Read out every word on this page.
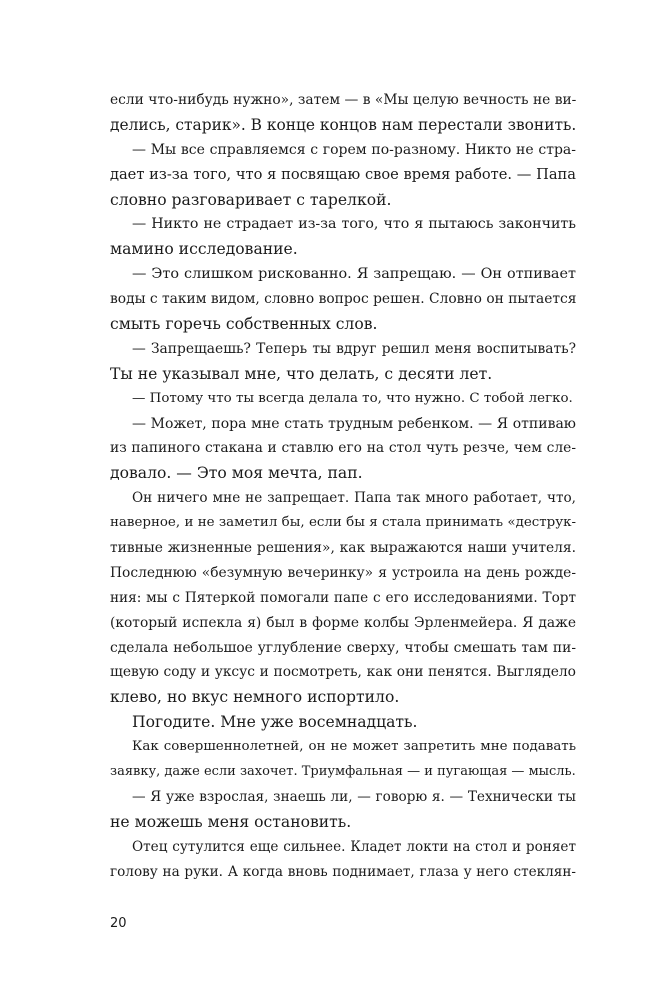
если что-нибудь нужно», затем — в «Мы целую вечность не ви-
делись, старик». В конце концов нам перестали звонить.
— Мы все справляемся с горем по-разному. Никто не стра-
дает из-за того, что я посвящаю свое время работе. — Папа
словно разговаривает с тарелкой.
— Никто не страдает из-за того, что я пытаюсь закончить
мамино исследование.
— Это слишком рискованно. Я запрещаю. — Он отпивает
воды с таким видом, словно вопрос решен. Словно он пытается
смыть горечь собственных слов.
— Запрещаешь? Теперь ты вдруг решил меня воспитывать?
Ты не указывал мне, что делать, с десяти лет.
— Потому что ты всегда делала то, что нужно. С тобой легко.
— Может, пора мне стать трудным ребенком. — Я отпиваю
из папиного стакана и ставлю его на стол чуть резче, чем сле-
довало. — Это моя мечта, пап.
Он ничего мне не запрещает. Папа так много работает, что,
наверное, и не заметил бы, если бы я стала принимать «деструк-
тивные жизненные решения», как выражаются наши учителя.
Последнюю «безумную вечеринку» я устроила на день рожде-
ния: мы с Пятеркой помогали папе с его исследованиями. Торт
(который испекла я) был в форме колбы Эрленмейера. Я даже
сделала небольшое углубление сверху, чтобы смешать там пи-
щевую соду и уксус и посмотреть, как они пенятся. Выглядело
клево, но вкус немного испортило.
Погодите. Мне уже восемнадцать.
Как совершеннолетней, он не может запретить мне подавать
заявку, даже если захочет. Триумфальная — и пугающая — мысль.
— Я уже взрослая, знаешь ли, — говорю я. — Технически ты
не можешь меня остановить.
Отец сутулится еще сильнее. Кладет локти на стол и роняет
голову на руки. А когда вновь поднимает, глаза у него стеклян-
20
